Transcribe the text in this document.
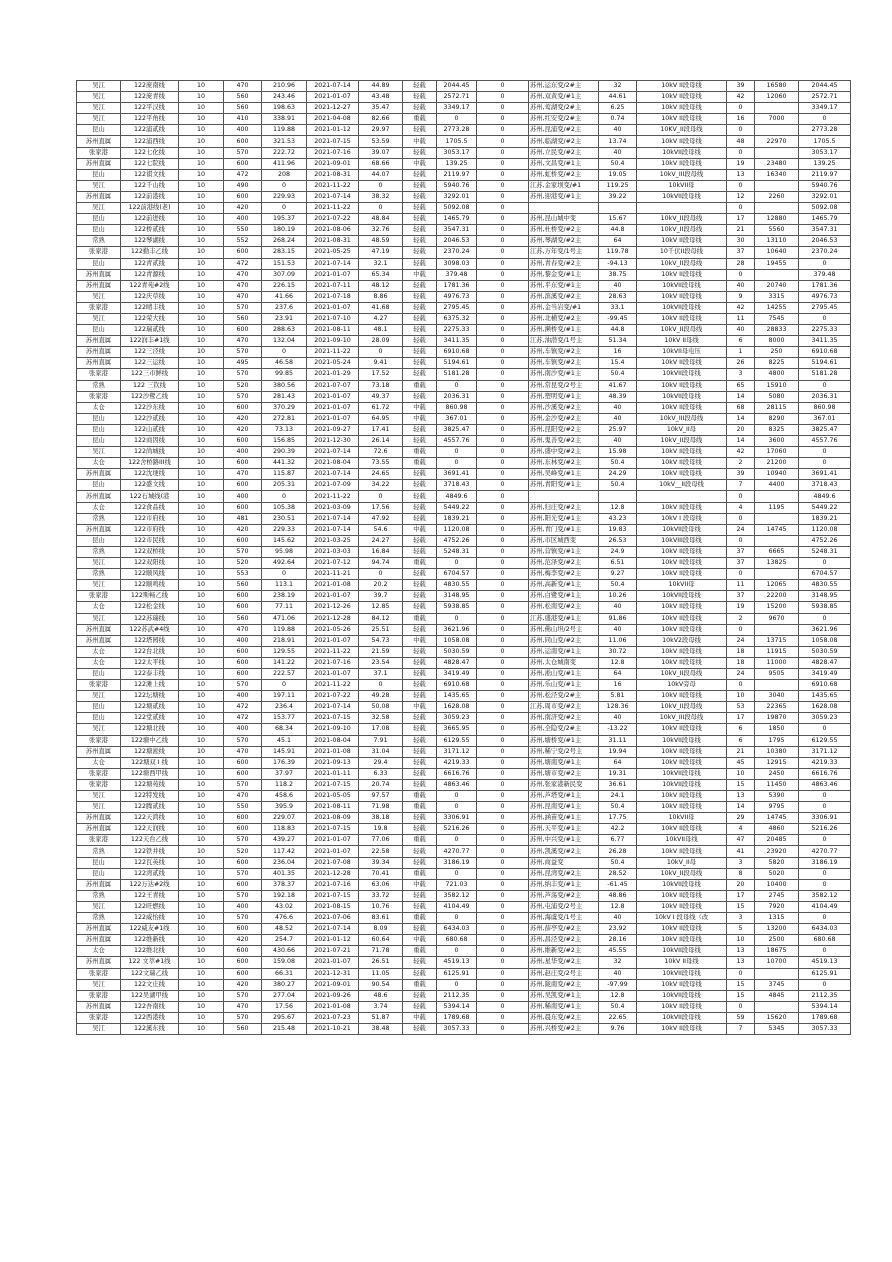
吴江	122庞南线	10	470	210.96	2021-07-14	44.89	轻载	2044.45	0	苏州,运东变/2#主	32	10kV II段母线	39	16580	2044.45
吴江	122庞青线	10	560	243.46	2021-01-07	43.48	轻载	2572.71	0	苏州,双黄变/#1主	44.61	10kV II段母线	42	12060	2572.71
吴江	122平汉线	10	560	198.63	2021-12-27	35.47	轻载	3349.17	0	苏州,莺湖变/2#主	6.25	10kV II段母线	0		3349.17
吴江	122平角线	10	410	338.91	2021-04-08	82.66	重载	0	0	苏州,红安变/2#主	0.74	10kV II段母线	16	7000	0
昆山	122浦贰线	10	400	119.88	2021-01-12	29.97	轻载	2773.28	0	苏州,昆浦变/#2主	40	10KV_II段母线	0		2773.28
苏州直属	122浦西线	10	600	321.53	2021-07-15	53.59	中载	1705.5	0	苏州,临湖变/#2主	13.74	10kV II段母线	48	22970	1705.5
张家港	122七化线	10	570	222.72	2021-07-16	39.07	轻载	3053.17	0	苏州,立民变/#2主	40	10kVII段母线	0		3053.17
苏州直属	122七院线	10	600	411.96	2021-09-01	68.66	中载	139.25	0	苏州,文昌变/#1主	50.4	10kV II段母线	19	23480	139.25
昆山	122祺文线	10	472	208	2021-08-31	44.07	轻载	2119.97	0	苏州,虹桥变/#2主	19.05	10kV_III段母线	13	16340	2119.97
吴江	122千山线	10	490	0	2021-11-22	0	轻载	5940.76	0	江苏,金家坝变/#1	119.25	10kVII母	0		5940.76
苏州直属	122前港线	10	600	229.93	2021-07-14	38.32	轻载	3292.01	0	苏州,迎港变/#1主	39.22	10kVII段母线	12	2260	3292.01
吴江	122前港线(老)	10	420	0	2021-11-22	0	轻载	5092.08	0				0		5092.08
昆山	122前进线	10	400	195.37	2021-07-22	48.84	轻载	1465.79	0	苏州,昆山城中变	15.67	10kV_II段母线	17	12880	1465.79
昆山	122桥贰线	10	550	180.19	2021-08-06	32.76	轻载	3547.31	0	苏州,杜桥变/#2主	44.8	10kV_II段母线	21	5560	3547.31
常熟	122琴湖线	10	552	268.24	2021-08-31	48.59	轻载	2046.53	0	苏州,琴湖变/#2主	64	10kV II段母线	30	13110	2046.53
张家港	122勤丰乙线	10	600	283.15	2021-05-25	47.19	轻载	2370.24	0	江苏,万年变/1号主	119.78	10千伏II段母线	37	10640	2370.24
昆山	122青贰线	10	472	151.53	2021-07-14	32.1	轻载	3098.03	0	苏州,青春变/#2主	-94.13	10kV_II段母线	28	19455	0
苏州直属	122青源线	10	470	307.09	2021-01-07	65.34	中载	379.48	0	苏州,黎金变/#1主	38.75	10kV II段母线	0		379.48
苏州直属	122青苑#2线	10	470	226.15	2021-07-11	48.12	轻载	1781.36	0	苏州,平东变/#1主	40	10kVII段母线	40	20740	1781.36
吴江	122庆草线	10	470	41.66	2021-07-18	8.86	轻载	4976.73	0	苏州,滨溪变/#2主	28.63	10kV II段母线	9	3315	4976.73
张家港	122晴丰线	10	570	237.6	2021-01-07	41.68	轻载	2795.45	0	苏州,金当岩变/#1	33.1	10kVII段母线	42	14255	2795.45
吴江	122荣大线	10	560	23.91	2021-07-10	4.27	轻载	6375.32	0	苏州,北横变/#2主	-99.45	10kV II段母线	11	7545	0
昆山	122瑞贰线	10	600	288.63	2021-08-11	48.1	轻载	2275.33	0	苏州,濒桥变/#1主	44.8	10kV_II段母线	40	28833	2275.33
苏州直属	122润丰#1线	10	470	132.04	2021-09-10	28.09	轻载	3411.35	0	江苏,油潜变/1号主	51.34	10kV II母线	6	8000	3411.35
苏州直属	122三泾线	10	570	0	2021-11-22	0	轻载	6910.68	0	苏州,车镇变/#2主	16	10kVII母电压	1	250	6910.68
苏州直属	122三运线	10	495	46.58	2021-05-24	9.41	轻载	5194.61	0	苏州,车镇变/#2主	15.4	10kV II段母线	26	8225	5194.61
张家港	122三市鲜线	10	570	99.85	2021-01-29	17.52	轻载	5181.28	0	苏州,南沙变/#1主	50.4	10kVII段母线	3	4800	5181.28
常熟	122 三钦线	10	520	380.56	2021-07-07	73.18	重载	0	0	苏州,常昆变/2号主	41.67	10kV II段母线	65	15910	0
张家港	122沙鹭乙线	10	570	281.43	2021-01-07	49.37	轻载	2036.31	0	苏州,塑明变/#1主	48.39	10kVII段母线	14	5080	2036.31
太仓	122沙东线	10	600	370.29	2021-01-07	61.72	中载	860.98	0	苏州,沙溪变/#2主	40	10kV II段母线	68	28115	860.98
昆山	122沙贰线	10	420	272.81	2021-01-07	64.95	中载	367.01	0	苏州,金沙变/#2主	40	10kV_III段母线	14	8290	367.01
昆山	122山贰线	10	420	73.13	2021-09-27	17.41	轻载	3825.47	0	苏州,昆阳变/#2主	25.97	10kV_II母	20	8325	3825.47
昆山	122商因线	10	600	156.85	2021-12-30	26.14	轻载	4557.76	0	苏州,鬼善变/#2主	40	10kV_II段母线	14	3600	4557.76
吴江	122尚城线	10	400	290.39	2021-07-14	72.6	重载	0	0	苏州,盛中变/#2主	15.98	10kV II段母线	42	17060	0
太仓	122舍桥路III线	10	600	441.32	2021-08-04	73.55	重载	0	0	苏州,东林变/#2主	50.4	10kV II段母线	2	21200	0
苏州直属	122沈埂线	10	470	115.87	2021-07-14	24.65	轻载	3691.41	0	苏州,吴峰变/#1主	24.29	10kV II段母线	39	10940	3691.41
昆山	122盛文线	10	600	205.31	2021-07-09	34.22	轻载	3718.43	0	苏州,青阳变/#1主	50.4	10kV__II段母线	7	4400	3718.43
苏州直属	122石城线(港	10	400	0	2021-11-22	0	轻载	4849.6	0				0		4849.6
太仓	122食品线	10	600	105.38	2021-03-09	17.56	轻载	5449.22	0	苏州,归庄变/#2主	12.8	10kV II段母线	4	1195	5449.22
常熟	122市府线	10	481	230.51	2021-07-14	47.92	轻载	1839.21	0	苏州,阳光变/#1主	43.23	10kV I 段母线	0		1839.21
苏州直属	122市府线	10	420	229.33	2021-07-14	54.6	中载	1120.08	0	苏州,青门变/#1主	19.83	10kVII段母线	24	14745	1120.08
昆山	122市民线	10	600	145.62	2021-03-25	24.27	轻载	4752.26	0	苏州,市区城西变	26.53	10kVIII段母线	0		4752.26
常熟	122双桥线	10	570	95.98	2021-03-03	16.84	轻载	5248.31	0	苏州,营镇变/#1主	24.9	10kV II段母线	37	6665	5248.31
吴江	122双阳线	10	520	492.64	2021-07-12	94.74	重载	0	0	苏州,范泽变/#2主	6.51	10kV II段母线	37	13825	0
常熟	122顺风线	10	553	0	2021-11-21	0	轻载	6704.57	0	苏州,梅李变/#2主	9.27	10kV II段母线	0		6704.57
吴江	122顺鸣线	10	560	113.1	2021-01-08	20.2	轻载	4830.55	0	苏州,高新变/#1主	50.4	10kVII母	11	12065	4830.55
张家港	122斯畅乙线	10	600	238.19	2021-01-07	39.7	轻载	3148.95	0	苏州,白鹭变/#1主	10.26	10kVII段母线	37	22200	3148.95
太仓	122松金线	10	600	77.11	2021-12-26	12.85	轻载	5938.85	0	苏州,松南变/#2主	40	10kV II段母线	19	15200	5938.85
吴江	122苏瑞线	10	560	471.06	2021-12-28	84.12	重载	0	0	江苏,盛港变/#1主	91.86	10kV II段母线	2	9670	0
苏州直属	122苏武#4线	10	470	119.88	2021-05-26	25.51	轻载	3621.96	0	苏州,佛山坦/2号主	40	10kV II段母线	0		3621.96
苏州直属	122塔园线	10	400	218.91	2021-01-07	54.73	中载	1058.08	0	苏州,同山变/#2主	11.06	10kV2段母线	24	13715	1058.08
太仓	122台北线	10	600	129.55	2021-11-22	21.59	轻载	5030.59	0	苏州,运南变/#1主	30.72	10kV II段母线	18	11915	5030.59
太仓	122太平线	10	600	141.22	2021-07-16	23.54	轻载	4828.47	0	苏州,太仓城南变	12.8	10kV II段母线	18	11000	4828.47
昆山	122泰丰线	10	600	222.57	2021-01-07	37.1	轻载	3419.49	0	苏州,淞山变/#1主	64	10kV_II段母线	24	9505	3419.49
张家港	122滩上线	10	570	0	2021-11-22	0	轻载	6910.68	0	苏州,乐山变/#1主	16	10kV旁母	0		6910.68
吴江	122坛塘线	10	400	197.11	2021-07-22	49.28	轻载	1435.65	0	苏州,松泾变/2#主	5.81	10kV II段母线	10	3040	1435.65
昆山	122塘贰线	10	472	236.4	2021-07-14	50.08	中载	1628.08	0	江苏,周市变/#2主	128.36	10kV_II段母线	53	22365	1628.08
昆山	122堂贰线	10	472	153.77	2021-07-15	32.58	轻载	3059.23	0	苏州,南济变/#2主	40	10kV_III段母线	17	19870	3059.23
吴江	122塘北线	10	400	68.34	2021-09-10	17.08	轻载	3665.95	0	苏州,全隐变/2#主	-13.22	10kV II段母线	6	1850	0
张家港	122塘中乙线	10	570	45.1	2021-08-04	7.91	轻载	6129.55	0	苏州,塘桥变/#1主	31.11	10kVII段母线	6	1795	6129.55
苏州直属	122塘淞线	10	470	145.91	2021-01-08	31.04	轻载	3171.12	0	苏州,稀宁变/2号主	19.94	10kV II段母线	21	10380	3171.12
太仓	122塘双 I 线	10	600	176.39	2021-09-13	29.4	轻载	4219.33	0	苏州,塘南变/#1主	64	10kV II段母线	45	12915	4219.33
张家港	122塘西甲线	10	600	37.97	2021-01-11	6.33	轻载	6616.76	0	苏州,塘市变/#2主	19.31	10kVII段母线	10	2450	6616.76
张家港	122塘苑线	10	570	118.2	2021-07-15	20.74	轻载	4863.46	0	苏州,张家港新民变	36.61	10kVII段母线	15	11450	4863.46
吴江	122特发线	10	470	458.6	2021-05-05	97.57	重载	0	0	苏州,芦塔变/#1主	24.1	10kV II段母线	13	5390	0
吴江	122腾贰线	10	550	395.9	2021-08-11	71.98	重载	0	0	苏州,昆南变/#1主	50.4	10kV II段母线	14	9795	0
苏州直属	122天鸿线	10	600	229.07	2021-08-09	38.18	轻载	3306.91	0	苏州,涵苗变/#1主	17.75	10kVII母	29	14745	3306.91
苏州直属	122天润线	10	600	118.83	2021-07-15	19.8	轻载	5216.26	0	苏州,天平变/#1主	42.2	10kV II段母线	4	4860	5216.26
张家港	122天台乙线	10	570	439.27	2021-01-07	77.06	重载	0	0	苏州,中兴变/#1主	6.77	10kVII母线	47	20485	0
常熟	122铁井线	10	520	117.42	2021-01-07	22.58	轻载	4270.77	0	苏州,凯溪变/#2主	26.28	10kV II段母线	41	23920	4270.77
昆山	122瓦英线	10	600	236.04	2021-07-08	39.34	轻载	3186.19	0	苏州,商益变	50.4	10kV_II母	3	5820	3186.19
昆山	122湾贰线	10	570	401.35	2021-12-28	70.41	重载	0	0	苏州,昆湾变/#2主	28.52	10kV_II段母线	8	5020	0
苏州直属	122万达#2线	10	600	378.37	2021-07-16	63.06	中载	721.03	0	苏州,纳丰变/#1主	-61.45	10kVII段母线	20	10400	0
常熟	122王青线	10	570	192.18	2021-07-15	33.72	轻载	3582.12	0	苏州,芦荡变/#2主	48.86	10kV II段母线	17	2745	3582.12
吴江	122旺燃线	10	400	43.02	2021-08-15	10.76	轻载	4104.49	0	苏州,屯浦变/2号主	12.8	10kV II段母线	15	7920	4104.49
常熟	122威怡线	10	570	476.6	2021-07-06	83.61	重载	0	0	苏州,海虞变/1号主	40	10kV I 段母线（改	3	1315	0
苏州直属	122威友#1线	10	600	48.52	2021-07-14	8.09	轻载	6434.03	0	苏州,薛亭变/#2主	23.92	10kV II段母线	5	13200	6434.03
苏州直属	122维新线	10	420	254.7	2021-01-12	60.64	中载	680.68	0	苏州,昌泾变/#2主	28.16	10kV II段母线	10	2500	680.68
太仓	122维北线	10	600	430.66	2021-07-21	71.78	重载	0	0	苏州,维新变/#2主	45.55	10kVII段母线	13	18675	0
苏州直属	122 文萃#1线	10	600	159.08	2021-01-07	26.51	轻载	4519.13	0	苏州,星华变/#2主	32	10kV II母线	13	10700	4519.13
张家港	122文瑞乙线	10	600	66.31	2021-12-31	11.05	轻载	6125.91	0	苏州,赵庄变/2号主	40	10kVII段母线	0		6125.91
吴江	122文庄线	10	420	380.27	2021-09-01	90.54	重载	0	0	苏州,陇南变/#2主	-97.99	10kV II段母线	15	3745	0
张家港	122吴湖甲线	10	570	277.04	2021-09-26	48.6	轻载	2112.35	0	苏州,吴凯变/#1主	12.8	10kVII段母线	15	4845	2112.35
苏州直属	122吾南线	10	470	17.56	2021-01-08	3.74	轻载	5394.14	0	苏州,稀南变/#1主	50.4	10kV II段母线	0		5394.14
张家港	122西港线	10	570	295.67	2021-07-23	51.87	中载	1789.68	0	苏州,晨东变/#2主	22.65	10kVII段母线	59	15620	1789.68
吴江	122溪东线	10	560	215.48	2021-10-21	38.48	轻载	3057.33	0	苏州,兴桥变/#2主	9.76	10kV II段母线	7	5345	3057.33
